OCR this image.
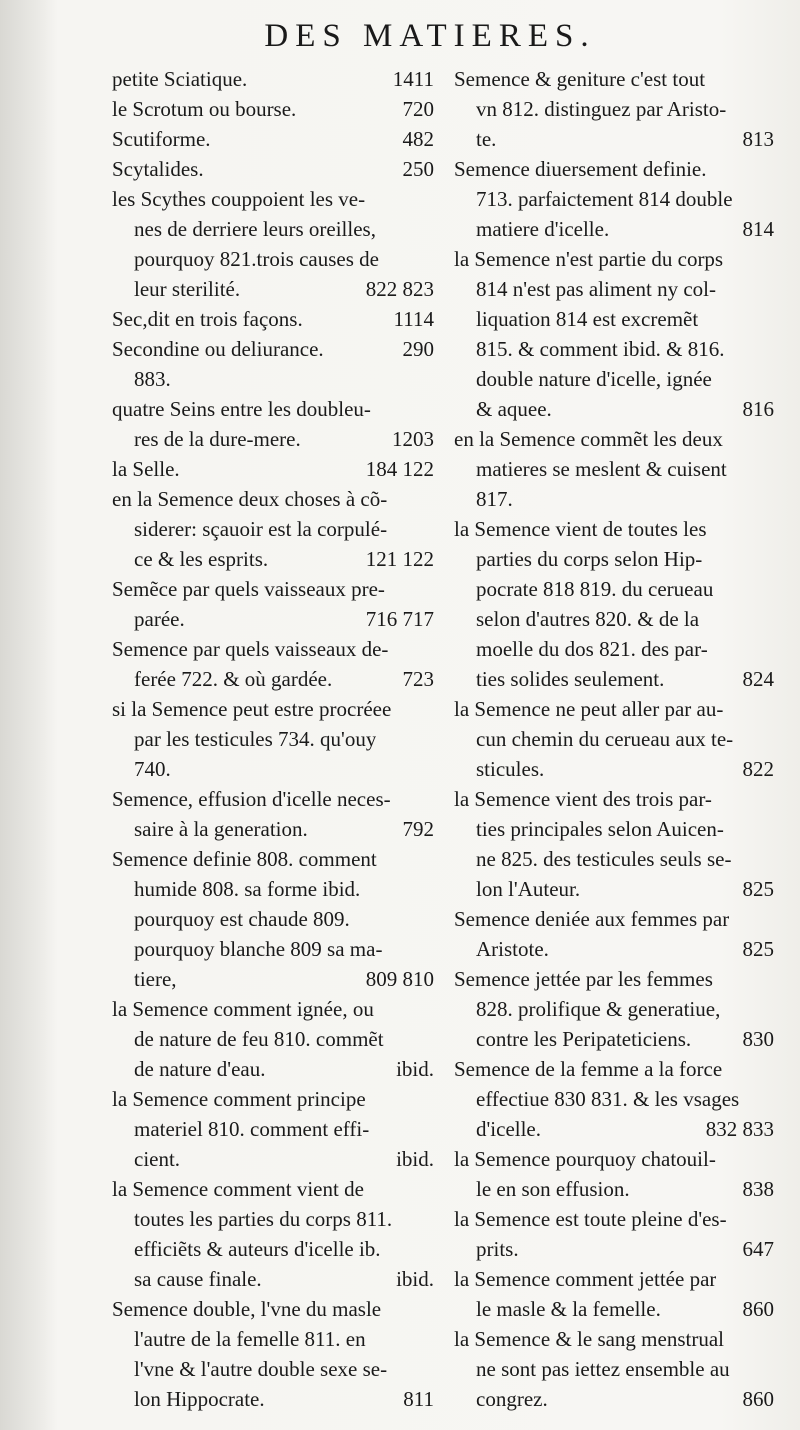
DES MATIERES.
petite Sciatique.	1411
le Scrotum ou bourse.	720
Scutiforme.	482
Scytalides.	250
les Scythes couppoient les ve-
nes de derriere leurs oreilles,
pourquoy 821.trois causes de
leur sterilité.	822 823
Sec,dit en trois façons.	1114
Secondine ou deliurance.	290
883.
quatre Seins entre les doubleu-
res de la dure-mere.	1203
la Selle.	184 122
en la Semence deux choses à cõ-
siderer: sçauoir est la corpulé-
ce & les esprits.	121 122
Semẽce par quels vaisseaux pre-
parée.	716 717
Semence par quels vaisseaux de-
ferée 722. & où gardée.	723
si la Semence peut estre procréee
par les testicules 734. qu'ouy
740.
Semence, effusion d'icelle neces-
saire à la generation.	792
Semence definie 808. comment
humide 808. sa forme ibid.
pourquoy est chaude 809.
pourquoy blanche 809 sa ma-
tiere,	809 810
la Semence comment ignée, ou
de nature de feu 810. commẽt
de nature d'eau.	ibid.
la Semence comment principe
materiel 810. comment effi-
cient.	ibid.
la Semence comment vient de
toutes les parties du corps 811.
efficiẽts & auteurs d'icelle ib.
sa cause finale.	ibid.
Semence double, l'vne du masle
l'autre de la femelle 811. en
l'vne & l'autre double sexe se-
lon Hippocrate.	811
Semence & geniture c'est tout
vn 812. distinguez par Aristo-
te.	813
Semence diuersement definie.
713. parfaictement 814 double
matiere d'icelle.	814
la Semence n'est partie du corps
814 n'est pas aliment ny col-
liquation 814 est excremẽt
815. & comment ibid. & 816.
double nature d'icelle, ignée
& aquee.	816
en la Semence commẽt les deux
matieres se meslent & cuisent
817.
la Semence vient de toutes les
parties du corps selon Hip-
pocrate 818 819. du cerueau
selon d'autres 820. & de la
moelle du dos 821. des par-
ties solides seulement.	824
la Semence ne peut aller par au-
cun chemin du cerueau aux te-
sticules.	822
la Semence vient des trois par-
ties principales selon Auicen-
ne 825. des testicules seuls se-
lon l'Auteur.	825
Semence deniée aux femmes par
Aristote.	825
Semence jettée par les femmes
828. prolifique & generatiue,
contre les Peripateticiens. 830
Semence de la femme a la force
effectiue 830 831. & les vsages
d'icelle.	832 833
la Semence pourquoy chatouil-
le en son effusion.	838
la Semence est toute pleine d'es-
prits.	647
la Semence comment jettée par
le masle & la femelle.	860
la Semence & le sang menstrual
ne sont pas iettez ensemble au
congrez.	860
